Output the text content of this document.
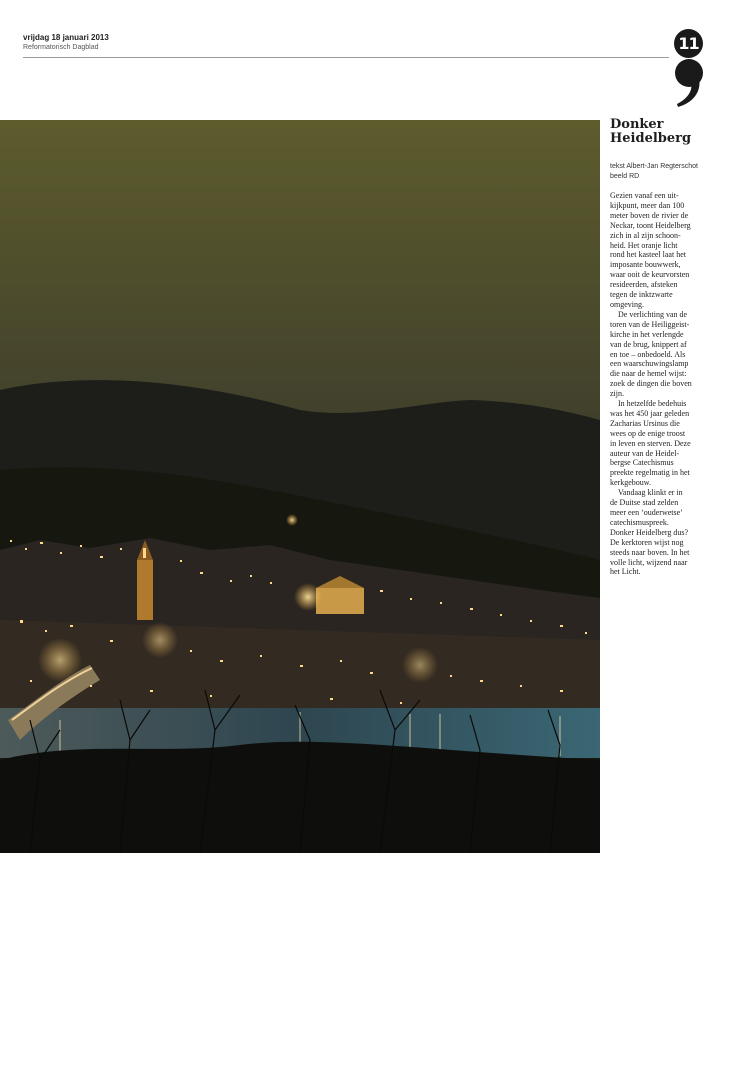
vrijdag 18 januari 2013
Reformatorisch Dagblad	11
Donker
Heidelberg
tekst Albert-Jan Regterschot
beeld RD
Gezien vanaf een uit-
kijkpunt, meer dan 100
meter boven de rivier de
Neckar, toont Heidelberg
zich in al zijn schoon-
heid. Het oranje licht
rond het kasteel laat het
imposante bouwwerk,
waar ooit de keurvorsten
resideerden, afsteken
tegen de inktzwarte
omgeving.
 De verlichting van de
toren van de Heiliggeist-
kirche in het verlengde
van de brug, knippert af
en toe – onbedoeld. Als
een waarschuwingslamp
die naar de hemel wijst:
zoek de dingen die boven
zijn.
 In hetzelfde bedehuis
was het 450 jaar geleden
Zacharias Ursinus die
wees op de enige troost
in leven en sterven. Deze
auteur van de Heidel-
bergse Catechismus
preekte regelmatig in het
kerkgebouw.
 Vandaag klinkt er in
de Duitse stad zelden
meer een ‘ouderwetse’
catechismuspreek.
Donker Heidelberg dus?
De kerktoren wijst nog
steeds naar boven. In het
volle licht, wijzend naar
het Licht.
